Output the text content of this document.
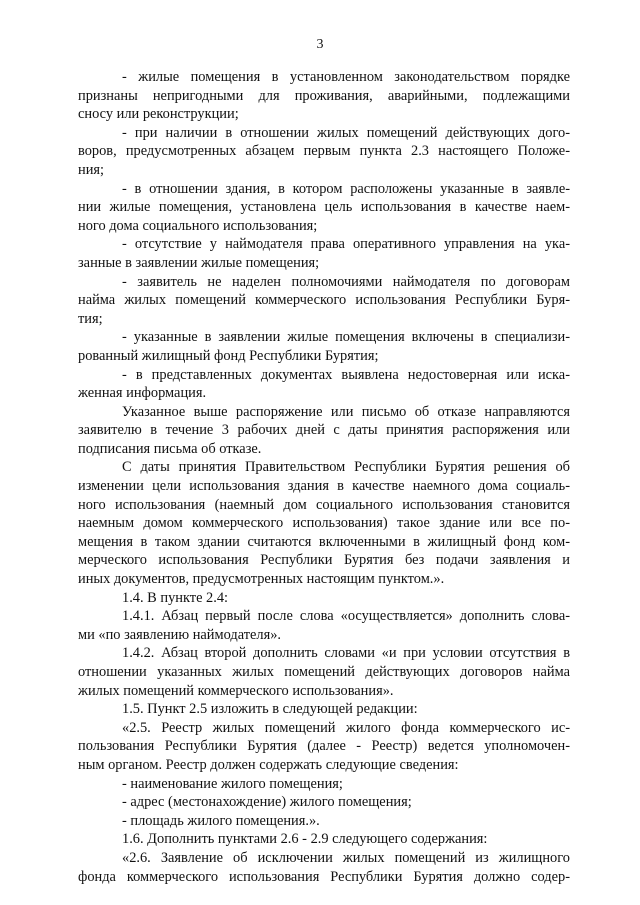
3
- жилые помещения в установленном законодательством порядке
признаны непригодными для проживания, аварийными, подлежащими
сносу или реконструкции;
- при наличии в отношении жилых помещений действующих дого-
воров, предусмотренных абзацем первым пункта 2.3 настоящего Положе-
ния;
- в отношении здания, в котором расположены указанные в заявле-
нии жилые помещения, установлена цель использования в качестве наем-
ного дома социального использования;
- отсутствие у наймодателя права оперативного управления на ука-
занные в заявлении жилые помещения;
- заявитель не наделен полномочиями наймодателя по договорам
найма жилых помещений коммерческого использования Республики Буря-
тия;
- указанные в заявлении жилые помещения включены в специализи-
рованный жилищный фонд Республики Бурятия;
- в представленных документах выявлена недостоверная или иска-
женная информация.
Указанное выше распоряжение или письмо об отказе направляются
заявителю в течение 3 рабочих дней с даты принятия распоряжения или
подписания письма об отказе.
С даты принятия Правительством Республики Бурятия решения об
изменении цели использования здания в качестве наемного дома социаль-
ного использования (наемный дом социального использования становится
наемным домом коммерческого использования) такое здание или все по-
мещения в таком здании считаются включенными в жилищный фонд ком-
мерческого использования Республики Бурятия без подачи заявления и
иных документов, предусмотренных настоящим пунктом.».
1.4. В пункте 2.4:
1.4.1. Абзац первый после слова «осуществляется» дополнить слова-
ми «по заявлению наймодателя».
1.4.2. Абзац второй дополнить словами «и при условии отсутствия в
отношении указанных жилых помещений действующих договоров найма
жилых помещений коммерческого использования».
1.5. Пункт 2.5 изложить в следующей редакции:
«2.5. Реестр жилых помещений жилого фонда коммерческого ис-
пользования Республики Бурятия (далее - Реестр) ведется уполномочен-
ным органом. Реестр должен содержать следующие сведения:
- наименование жилого помещения;
- адрес (местонахождение) жилого помещения;
- площадь жилого помещения.».
1.6. Дополнить пунктами 2.6 - 2.9 следующего содержания:
«2.6. Заявление об исключении жилых помещений из жилищного
фонда коммерческого использования Республики Бурятия должно содер-
